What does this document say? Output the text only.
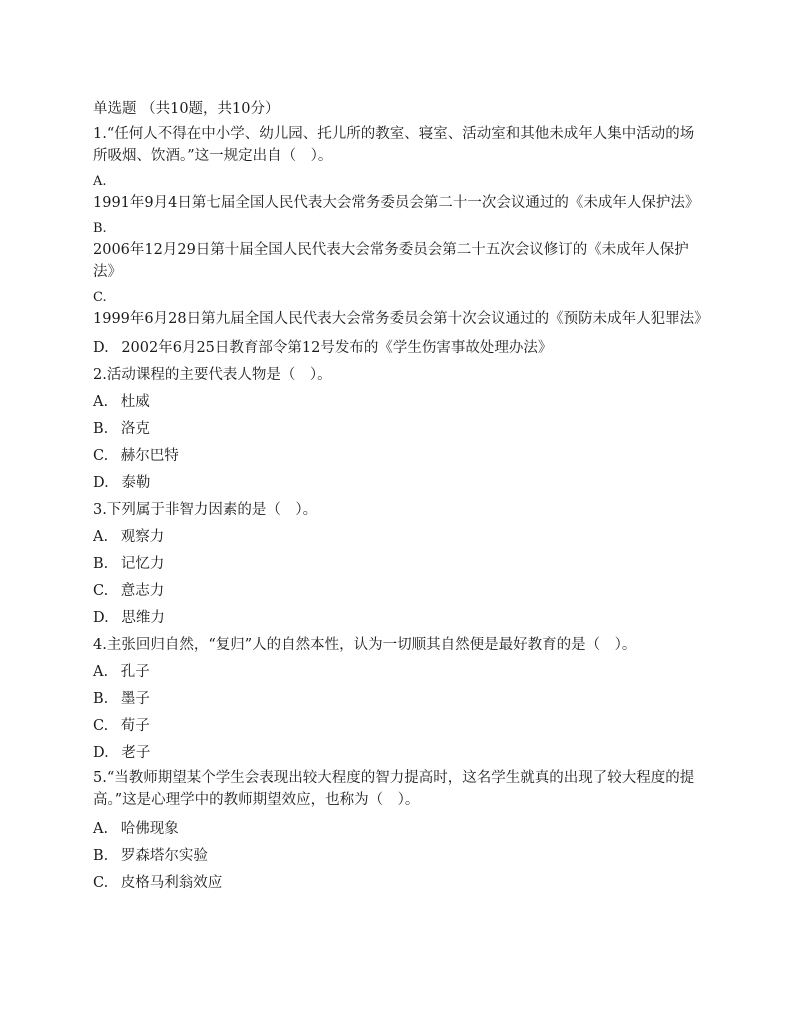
单选题 （共10题，共10分）
1.“任何人不得在中小学、幼儿园、托儿所的教室、寝室、活动室和其他未成年人集中活动的场所吸烟、饮酒。”这一规定出自（　）。
A.
1991年9月4日第七届全国人民代表大会常务委员会第二十一次会议通过的《未成年人保护法》
B.
2006年12月29日第十届全国人民代表大会常务委员会第二十五次会议修订的《未成年人保护法》
C.
1999年6月28日第九届全国人民代表大会常务委员会第十次会议通过的《预防未成年人犯罪法》
D. 2002年6月25日教育部令第12号发布的《学生伤害事故处理办法》
2.活动课程的主要代表人物是（　）。
A. 杜威
B. 洛克
C. 赫尔巴特
D. 泰勒
3.下列属于非智力因素的是（　）。
A. 观察力
B. 记忆力
C. 意志力
D. 思维力
4.主张回归自然，“复归”人的自然本性，认为一切顺其自然便是最好教育的是（　）。
A. 孔子
B. 墨子
C. 荀子
D. 老子
5.“当教师期望某个学生会表现出较大程度的智力提高时，这名学生就真的出现了较大程度的提高。”这是心理学中的教师期望效应，也称为（　）。
A. 哈佛现象
B. 罗森塔尔实验
C. 皮格马利翁效应
